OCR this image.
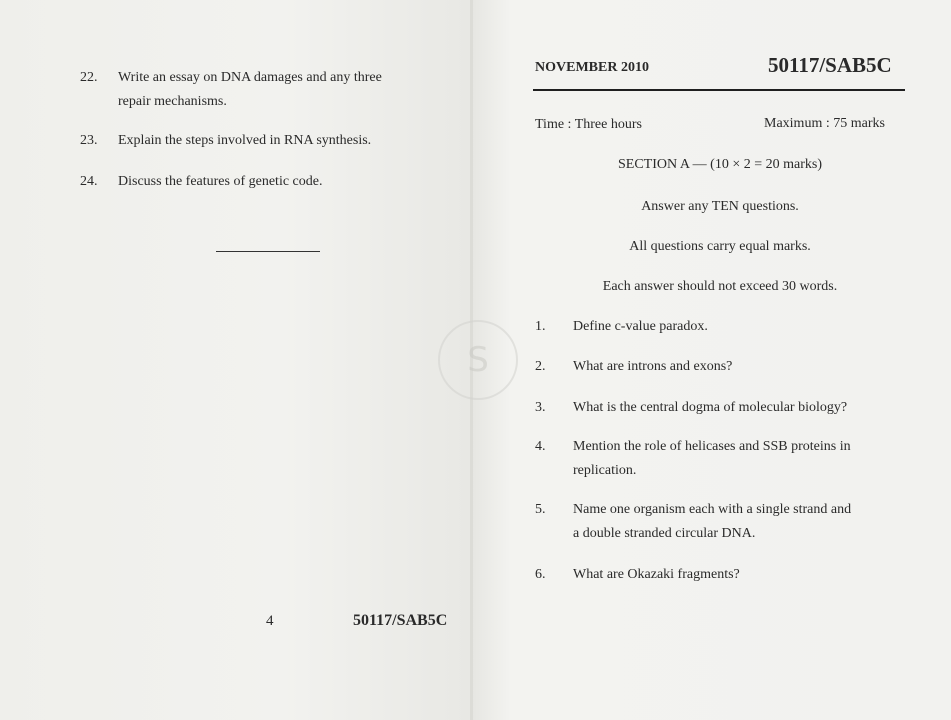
22. Write an essay on DNA damages and any three
repair mechanisms.
23. Explain the steps involved in RNA synthesis.
24. Discuss the features of genetic code.
4	50117/SAB5C
S
NOVEMBER 2010	50117/SAB5C
Time : Three hours	Maximum : 75 marks
SECTION A — (10 × 2 = 20 marks)
Answer any TEN questions.
All questions carry equal marks.
Each answer should not exceed 30 words.
1. Define c-value paradox.
2. What are introns and exons?
3. What is the central dogma of molecular biology?
4. Mention the role of helicases and SSB proteins in
replication.
5. Name one organism each with a single strand and
a double stranded circular DNA.
6. What are Okazaki fragments?
